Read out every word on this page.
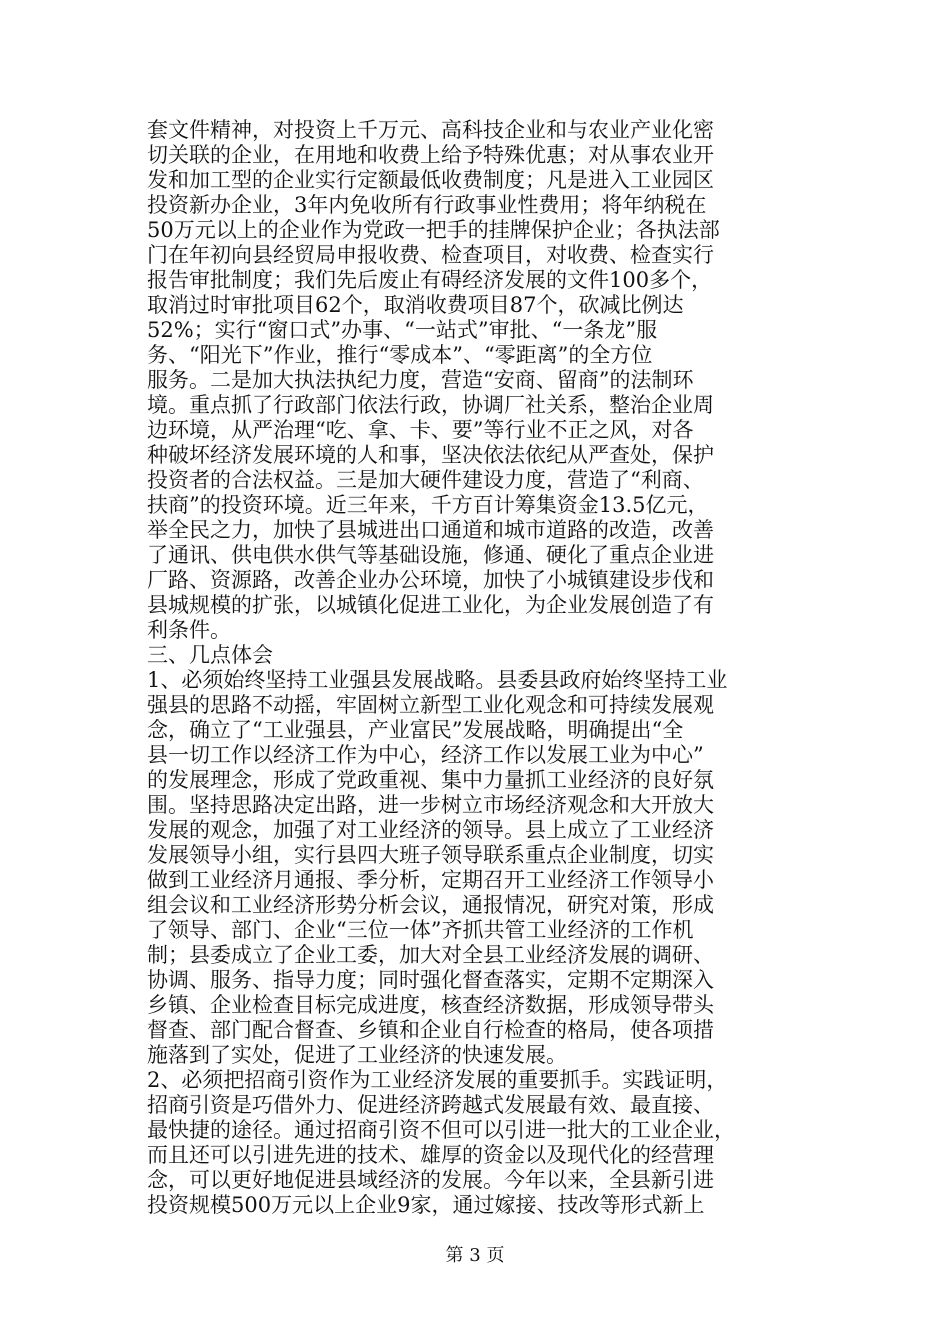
套文件精神，对投资上千万元、高科技企业和与农业产业化密
切关联的企业，在用地和收费上给予特殊优惠；对从事农业开
发和加工型的企业实行定额最低收费制度；凡是进入工业园区
投资新办企业，3年内免收所有行政事业性费用；将年纳税在
50万元以上的企业作为党政一把手的挂牌保护企业；各执法部
门在年初向县经贸局申报收费、检查项目，对收费、检查实行
报告审批制度；我们先后废止有碍经济发展的文件100多个，
取消过时审批项目62个，取消收费项目87个，砍减比例达
52%；实行“窗口式”办事、“一站式”审批、“一条龙”服
务、“阳光下”作业，推行“零成本”、“零距离”的全方位
服务。二是加大执法执纪力度，营造“安商、留商”的法制环
境。重点抓了行政部门依法行政，协调厂社关系，整治企业周
边环境，从严治理“吃、拿、卡、要”等行业不正之风，对各
种破坏经济发展环境的人和事，坚决依法依纪从严查处，保护
投资者的合法权益。三是加大硬件建设力度，营造了“利商、
扶商”的投资环境。近三年来，千方百计筹集资金13.5亿元，
举全民之力，加快了县城进出口通道和城市道路的改造，改善
了通讯、供电供水供气等基础设施，修通、硬化了重点企业进
厂路、资源路，改善企业办公环境，加快了小城镇建设步伐和
县城规模的扩张，以城镇化促进工业化，为企业发展创造了有
利条件。
三、几点体会
1、必须始终坚持工业强县发展战略。县委县政府始终坚持工业
强县的思路不动摇，牢固树立新型工业化观念和可持续发展观
念，确立了“工业强县，产业富民”发展战略，明确提出“全
县一切工作以经济工作为中心，经济工作以发展工业为中心”
的发展理念，形成了党政重视、集中力量抓工业经济的良好氛
围。坚持思路决定出路，进一步树立市场经济观念和大开放大
发展的观念，加强了对工业经济的领导。县上成立了工业经济
发展领导小组，实行县四大班子领导联系重点企业制度，切实
做到工业经济月通报、季分析，定期召开工业经济工作领导小
组会议和工业经济形势分析会议，通报情况，研究对策，形成
了领导、部门、企业“三位一体”齐抓共管工业经济的工作机
制；县委成立了企业工委，加大对全县工业经济发展的调研、
协调、服务、指导力度；同时强化督查落实，定期不定期深入
乡镇、企业检查目标完成进度，核查经济数据，形成领导带头
督查、部门配合督查、乡镇和企业自行检查的格局，使各项措
施落到了实处，促进了工业经济的快速发展。
2、必须把招商引资作为工业经济发展的重要抓手。实践证明，
招商引资是巧借外力、促进经济跨越式发展最有效、最直接、
最快捷的途径。通过招商引资不但可以引进一批大的工业企业，
而且还可以引进先进的技术、雄厚的资金以及现代化的经营理
念，可以更好地促进县域经济的发展。今年以来，全县新引进
投资规模500万元以上企业9家，通过嫁接、技改等形式新上
第 3 页
